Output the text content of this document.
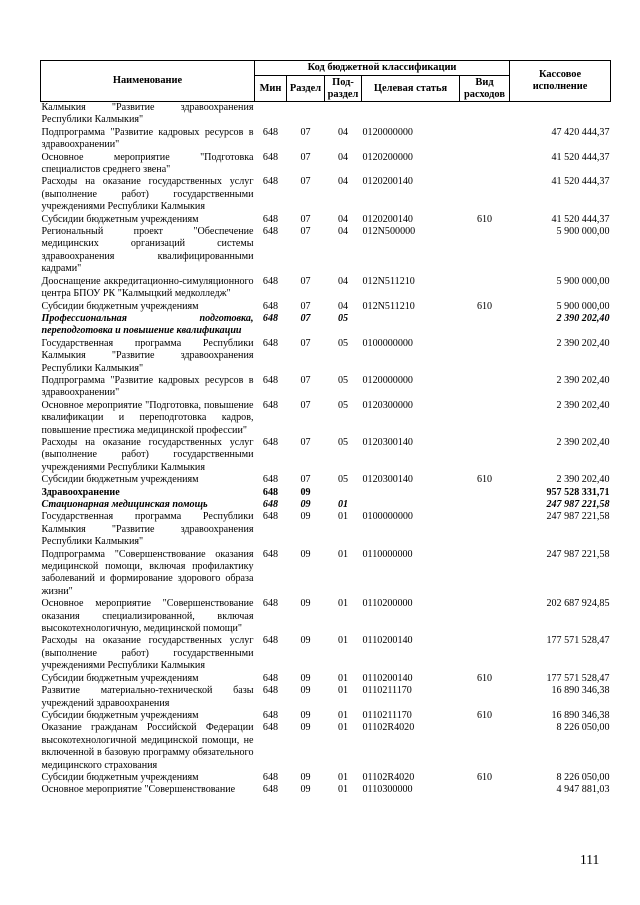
Наименование	Код бюджетной классификации					Кассовое исполнение
	Мин	Раздел	Под-раздел	Целевая статья	Вид расходов	
Калмыкия "Развитие здравоохранения Республики Калмыкия"						
Подпрограмма "Развитие кадровых ресурсов в здравоохранении"	648	07	04	0120000000		47 420 444,37
Основное мероприятие "Подготовка специалистов среднего звена"	648	07	04	0120200000		41 520 444,37
Расходы на оказание государственных услуг (выполнение работ) государственными учреждениями Республики Калмыкия	648	07	04	0120200140		41 520 444,37
Субсидии бюджетным учреждениям	648	07	04	0120200140	610	41 520 444,37
Региональный проект "Обеспечение медицинских организаций системы здравоохранения квалифицированными кадрами"	648	07	04	012N500000		5 900 000,00
Дооснащение аккредитационно-симуляционного центра БПОУ РК "Калмыцкий медколледж"	648	07	04	012N511210		5 900 000,00
Субсидии бюджетным учреждениям	648	07	04	012N511210	610	5 900 000,00
Профессиональная подготовка, переподготовка и повышение квалификации	648	07	05			2 390 202,40
Государственная программа Республики Калмыкия "Развитие здравоохранения Республики Калмыкия"	648	07	05	0100000000		2 390 202,40
Подпрограмма "Развитие кадровых ресурсов в здравоохранении"	648	07	05	0120000000		2 390 202,40
Основное мероприятие "Подготовка, повышение квалификации и переподготовка кадров, повышение престижа медицинской профессии"	648	07	05	0120300000		2 390 202,40
Расходы на оказание государственных услуг (выполнение работ) государственными учреждениями Республики Калмыкия	648	07	05	0120300140		2 390 202,40
Субсидии бюджетным учреждениям	648	07	05	0120300140	610	2 390 202,40
Здравоохранение	648	09				957 528 331,71
Стационарная медицинская помощь	648	09	01			247 987 221,58
Государственная программа Республики Калмыкия "Развитие здравоохранения Республики Калмыкия"	648	09	01	0100000000		247 987 221,58
Подпрограмма "Совершенствование оказания медицинской помощи, включая профилактику заболеваний и формирование здорового образа жизни"	648	09	01	0110000000		247 987 221,58
Основное мероприятие "Совершенствование оказания специализированной, включая высокотехнологичную, медицинской помощи"	648	09	01	0110200000		202 687 924,85
Расходы на оказание государственных услуг (выполнение работ) государственными учреждениями Республики Калмыкия	648	09	01	0110200140		177 571 528,47
Субсидии бюджетным учреждениям	648	09	01	0110200140	610	177 571 528,47
Развитие материально-технической базы учреждений здравоохранения	648	09	01	0110211170		16 890 346,38
Субсидии бюджетным учреждениям	648	09	01	0110211170	610	16 890 346,38
Оказание гражданам Российской Федерации высокотехнологичной медицинской помощи, не включенной в базовую программу обязательного медицинского страхования	648	09	01	01102R4020		8 226 050,00
Субсидии бюджетным учреждениям	648	09	01	01102R4020	610	8 226 050,00
Основное мероприятие "Совершенствование	648	09	01	0110300000		4 947 881,03
111
